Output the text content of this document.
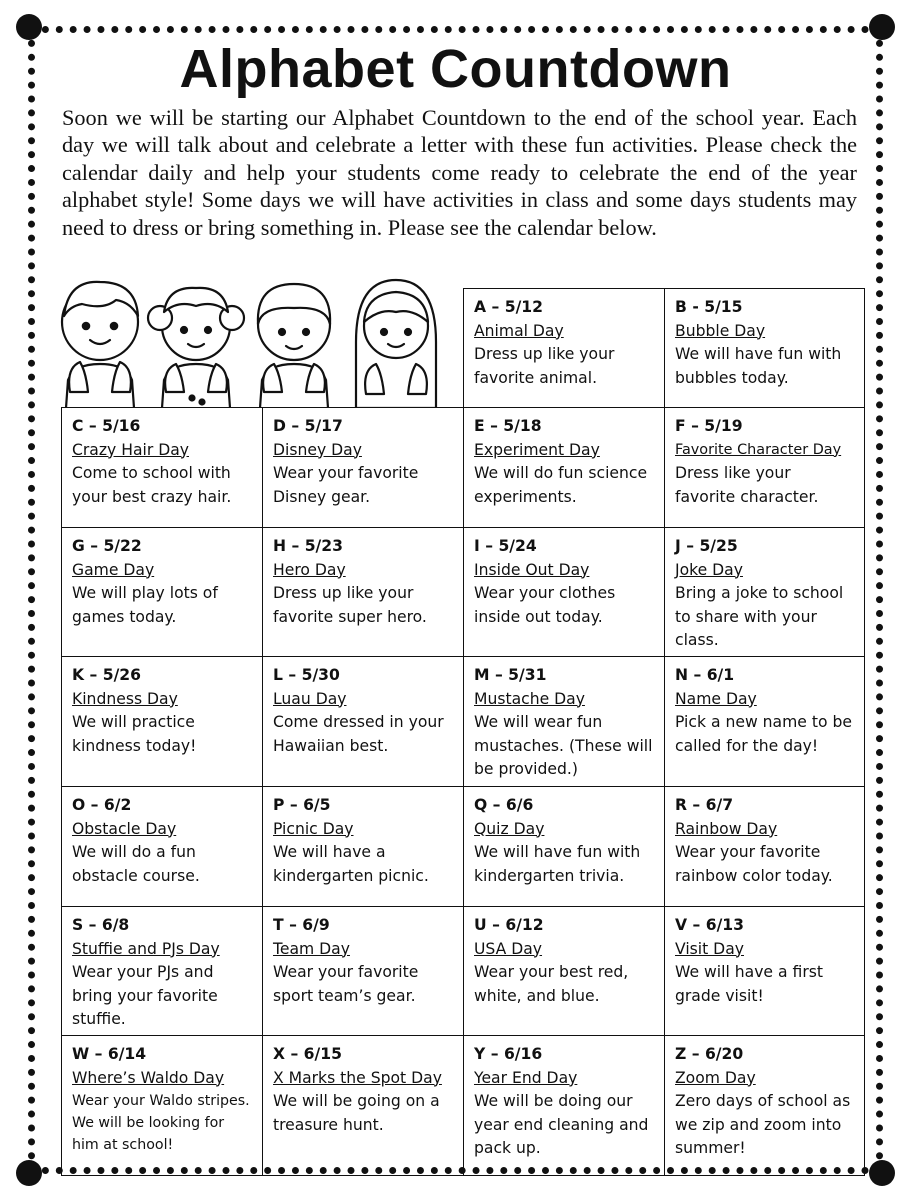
Alphabet Countdown

Soon we will be starting our Alphabet Countdown to the end of the school year. Each day we will talk about and celebrate a letter with these fun activities. Please check the calendar daily and help your students come ready to celebrate the end of the year alphabet style! Some days we will have activities in class and some days students may need to dress or bring something in. Please see the calendar below.

A – 5/12
Animal Day
Dress up like your favorite animal.
B - 5/15
Bubble Day
We will have fun with bubbles today.
C – 5/16
Crazy Hair Day
Come to school with your best crazy hair.
D – 5/17
Disney Day
Wear your favorite Disney gear.
E – 5/18
Experiment Day
We will do fun science experiments.
F – 5/19
Favorite Character Day
Dress like your favorite character.
G – 5/22
Game Day
We will play lots of games today.
H – 5/23
Hero Day
Dress up like your favorite super hero.
I – 5/24
Inside Out Day
Wear your clothes inside out today.
J – 5/25
Joke Day
Bring a joke to school to share with your class.
K – 5/26
Kindness Day
We will practice kindness today!
L – 5/30
Luau Day
Come dressed in your Hawaiian best.
M – 5/31
Mustache Day
We will wear fun mustaches. (These will be provided.)
N – 6/1
Name Day
Pick a new name to be called for the day!
O – 6/2
Obstacle Day
We will do a fun obstacle course.
P – 6/5
Picnic Day
We will have a kindergarten picnic.
Q – 6/6
Quiz Day
We will have fun with kindergarten trivia.
R – 6/7
Rainbow Day
Wear your favorite rainbow color today.
S – 6/8
Stuffie and PJs Day
Wear your PJs and bring your favorite stuffie.
T – 6/9
Team Day
Wear your favorite sport team’s gear.
U – 6/12
USA Day
Wear your best red, white, and blue.
V – 6/13
Visit Day
We will have a first grade visit!
W – 6/14
Where’s Waldo Day
Wear your Waldo stripes. We will be looking for him at school!
X – 6/15
X Marks the Spot Day
We will be going on a treasure hunt.
Y – 6/16
Year End Day
We will be doing our year end cleaning and pack up.
Z – 6/20
Zoom Day
Zero days of school as we zip and zoom into summer!
